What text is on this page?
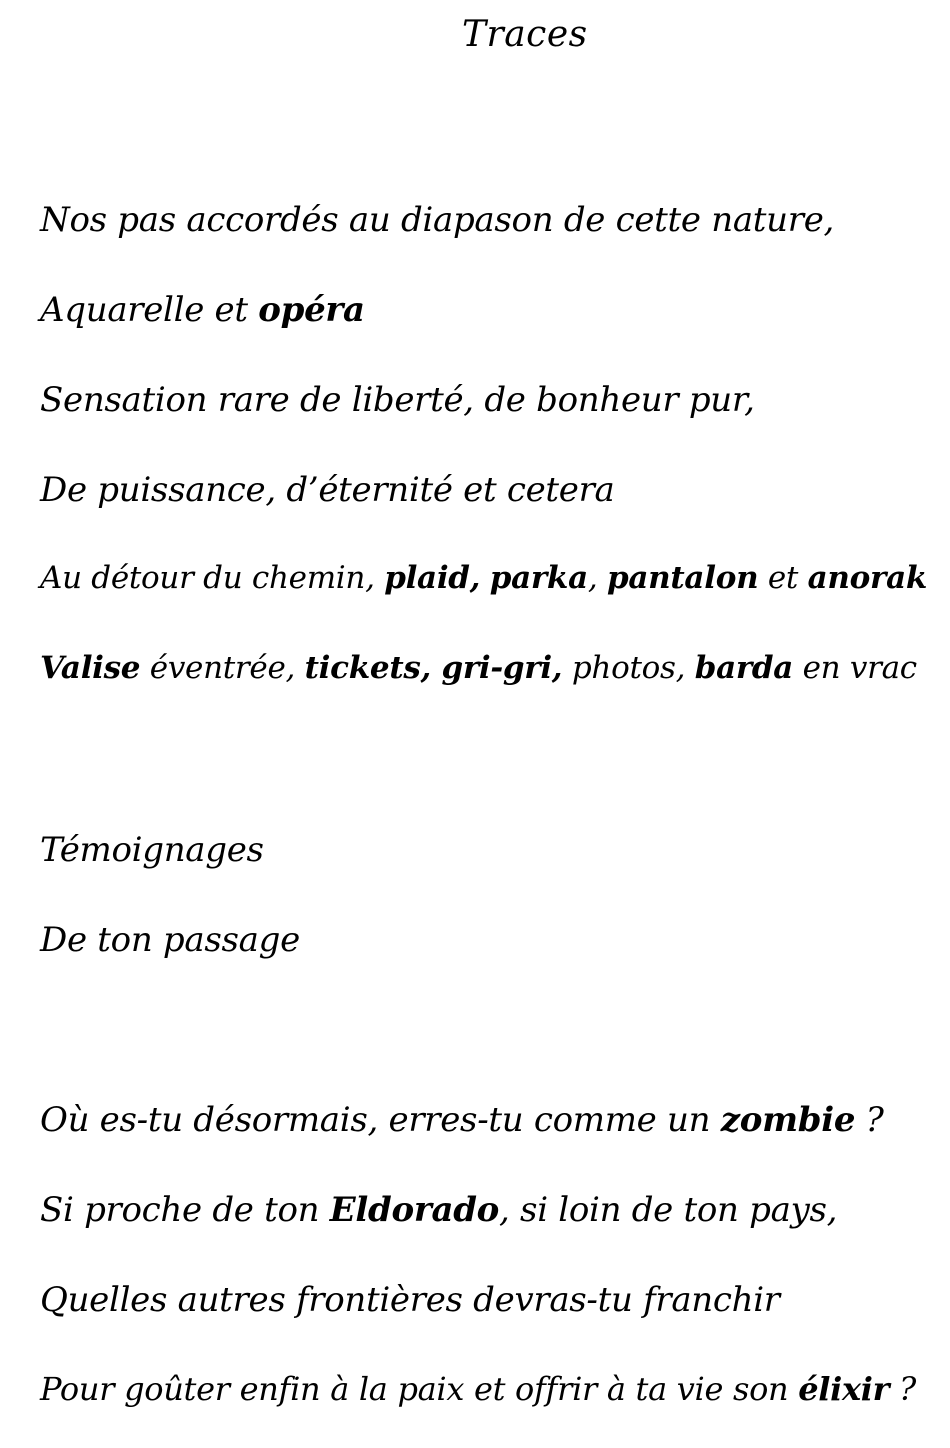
Traces
Nos pas accordés au diapason de cette nature,
Aquarelle et opéra
Sensation rare de liberté, de bonheur pur,
De puissance, d’éternité et cetera
Au détour du chemin, plaid, parka, pantalon et anorak
Valise éventrée, tickets, gri-gri, photos, barda en vrac
Témoignages
De ton passage
Où es-tu désormais, erres-tu comme un zombie ?
Si proche de ton Eldorado, si loin de ton pays,
Quelles autres frontières devras-tu franchir
Pour goûter enfin à la paix et offrir à ta vie son élixir ?
